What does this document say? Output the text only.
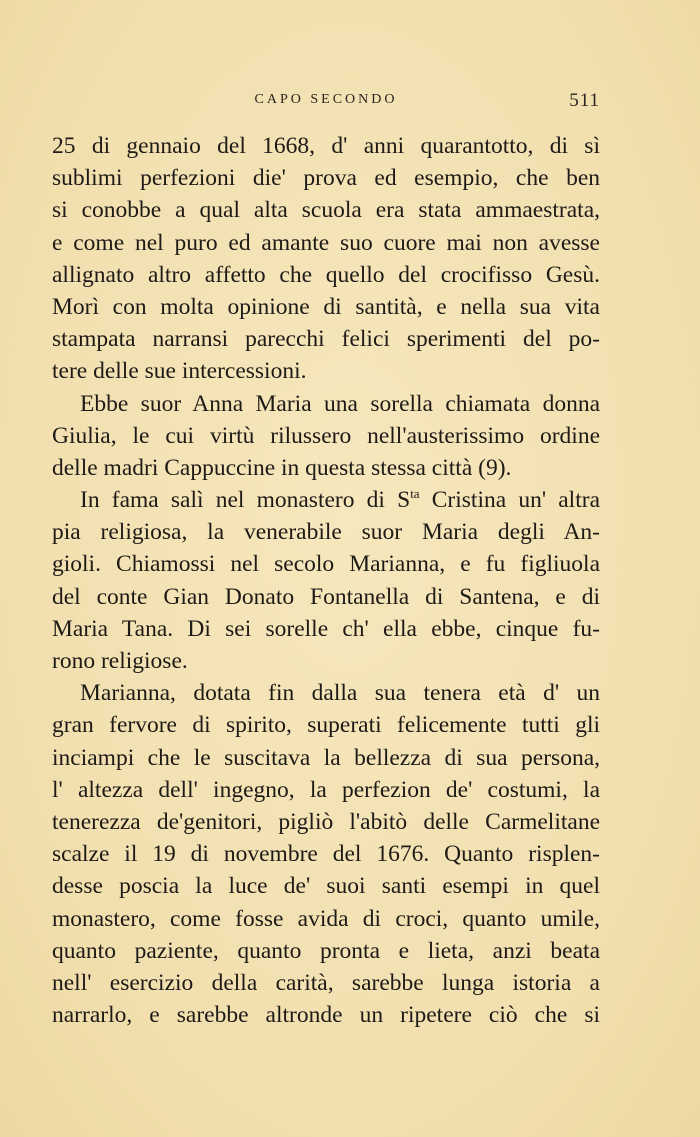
CAPO SECONDO	511
25 di gennaio del 1668, d' anni quarantotto, di sì
sublimi perfezioni die' prova ed esempio, che ben
si conobbe a qual alta scuola era stata ammaestrata,
e come nel puro ed amante suo cuore mai non avesse
allignato altro affetto che quello del crocifisso Gesù.
Morì con molta opinione di santità, e nella sua vita
stampata narransi parecchi felici sperimenti del po-
tere delle sue intercessioni.
Ebbe suor Anna Maria una sorella chiamata donna
Giulia, le cui virtù rilussero nell'austerissimo ordine
delle madri Cappuccine in questa stessa città (9).
In fama salì nel monastero di $S^{ta}$ Cristina un' altra
pia religiosa, la venerabile suor Maria degli An-
gioli. Chiamossi nel secolo Marianna, e fu figliuola
del conte Gian Donato Fontanella di Santena, e di
Maria Tana. Di sei sorelle ch' ella ebbe, cinque fu-
rono religiose.
Marianna, dotata fin dalla sua tenera età d' un
gran fervore di spirito, superati felicemente tutti gli
inciampi che le suscitava la bellezza di sua persona,
l' altezza dell' ingegno, la perfezion de' costumi, la
tenerezza de'genitori, pigliò l'abitò delle Carmelitane
scalze il 19 di novembre del 1676. Quanto risplen-
desse poscia la luce de' suoi santi esempi in quel
monastero, come fosse avida di croci, quanto umile,
quanto paziente, quanto pronta e lieta, anzi beata
nell' esercizio della carità, sarebbe lunga istoria a
narrarlo, e sarebbe altronde un ripetere ciò che si
